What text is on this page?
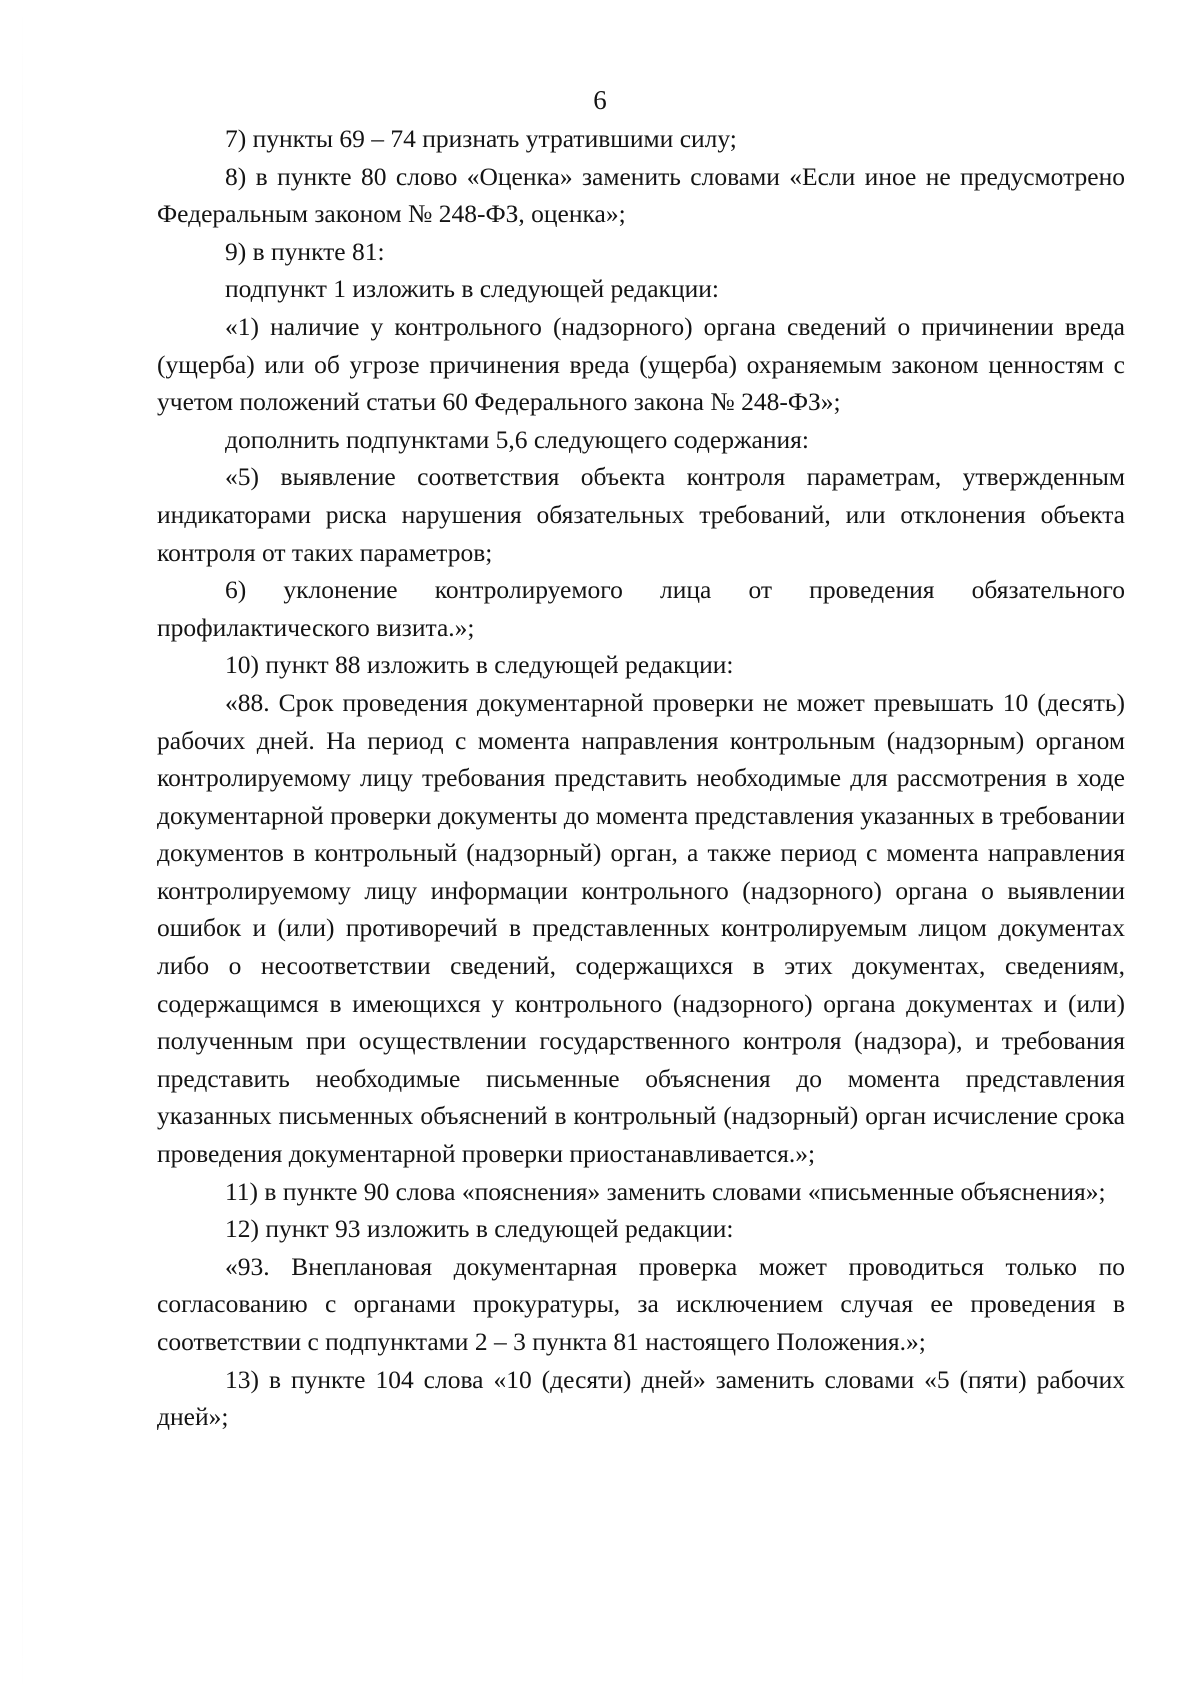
6

7) пункты 69 – 74 признать утратившими силу;

8) в пункте 80 слово «Оценка» заменить словами «Если иное не предусмотрено Федеральным законом № 248-ФЗ, оценка»;

9) в пункте 81:

подпункт 1 изложить в следующей редакции:

«1) наличие у контрольного (надзорного) органа сведений о причинении вреда (ущерба) или об угрозе причинения вреда (ущерба) охраняемым законом ценностям с учетом положений статьи 60 Федерального закона № 248-ФЗ»;

дополнить подпунктами 5,6 следующего содержания:

«5) выявление соответствия объекта контроля параметрам, утвержденным индикаторами риска нарушения обязательных требований, или отклонения объекта контроля от таких параметров;

6) уклонение контролируемого лица от проведения обязательного профилактического визита.»;

10) пункт 88 изложить в следующей редакции:

«88. Срок проведения документарной проверки не может превышать 10 (десять) рабочих дней. На период с момента направления контрольным (надзорным) органом контролируемому лицу требования представить необходимые для рассмотрения в ходе документарной проверки документы до момента представления указанных в требовании документов в контрольный (надзорный) орган, а также период с момента направления контролируемому лицу информации контрольного (надзорного) органа о выявлении ошибок и (или) противоречий в представленных контролируемым лицом документах либо о несоответствии сведений, содержащихся в этих документах, сведениям, содержащимся в имеющихся у контрольного (надзорного) органа документах и (или) полученным при осуществлении государственного контроля (надзора), и требования представить необходимые письменные объяснения до момента представления указанных письменных объяснений в контрольный (надзорный) орган исчисление срока проведения документарной проверки приостанавливается.»;

11) в пункте 90 слова «пояснения» заменить словами «письменные объяснения»;

12) пункт 93 изложить в следующей редакции:

«93. Внеплановая документарная проверка может проводиться только по согласованию с органами прокуратуры, за исключением случая ее проведения в соответствии с подпунктами 2 – 3 пункта 81 настоящего Положения.»;

13) в пункте 104 слова «10 (десяти) дней» заменить словами «5 (пяти) рабочих дней»;
